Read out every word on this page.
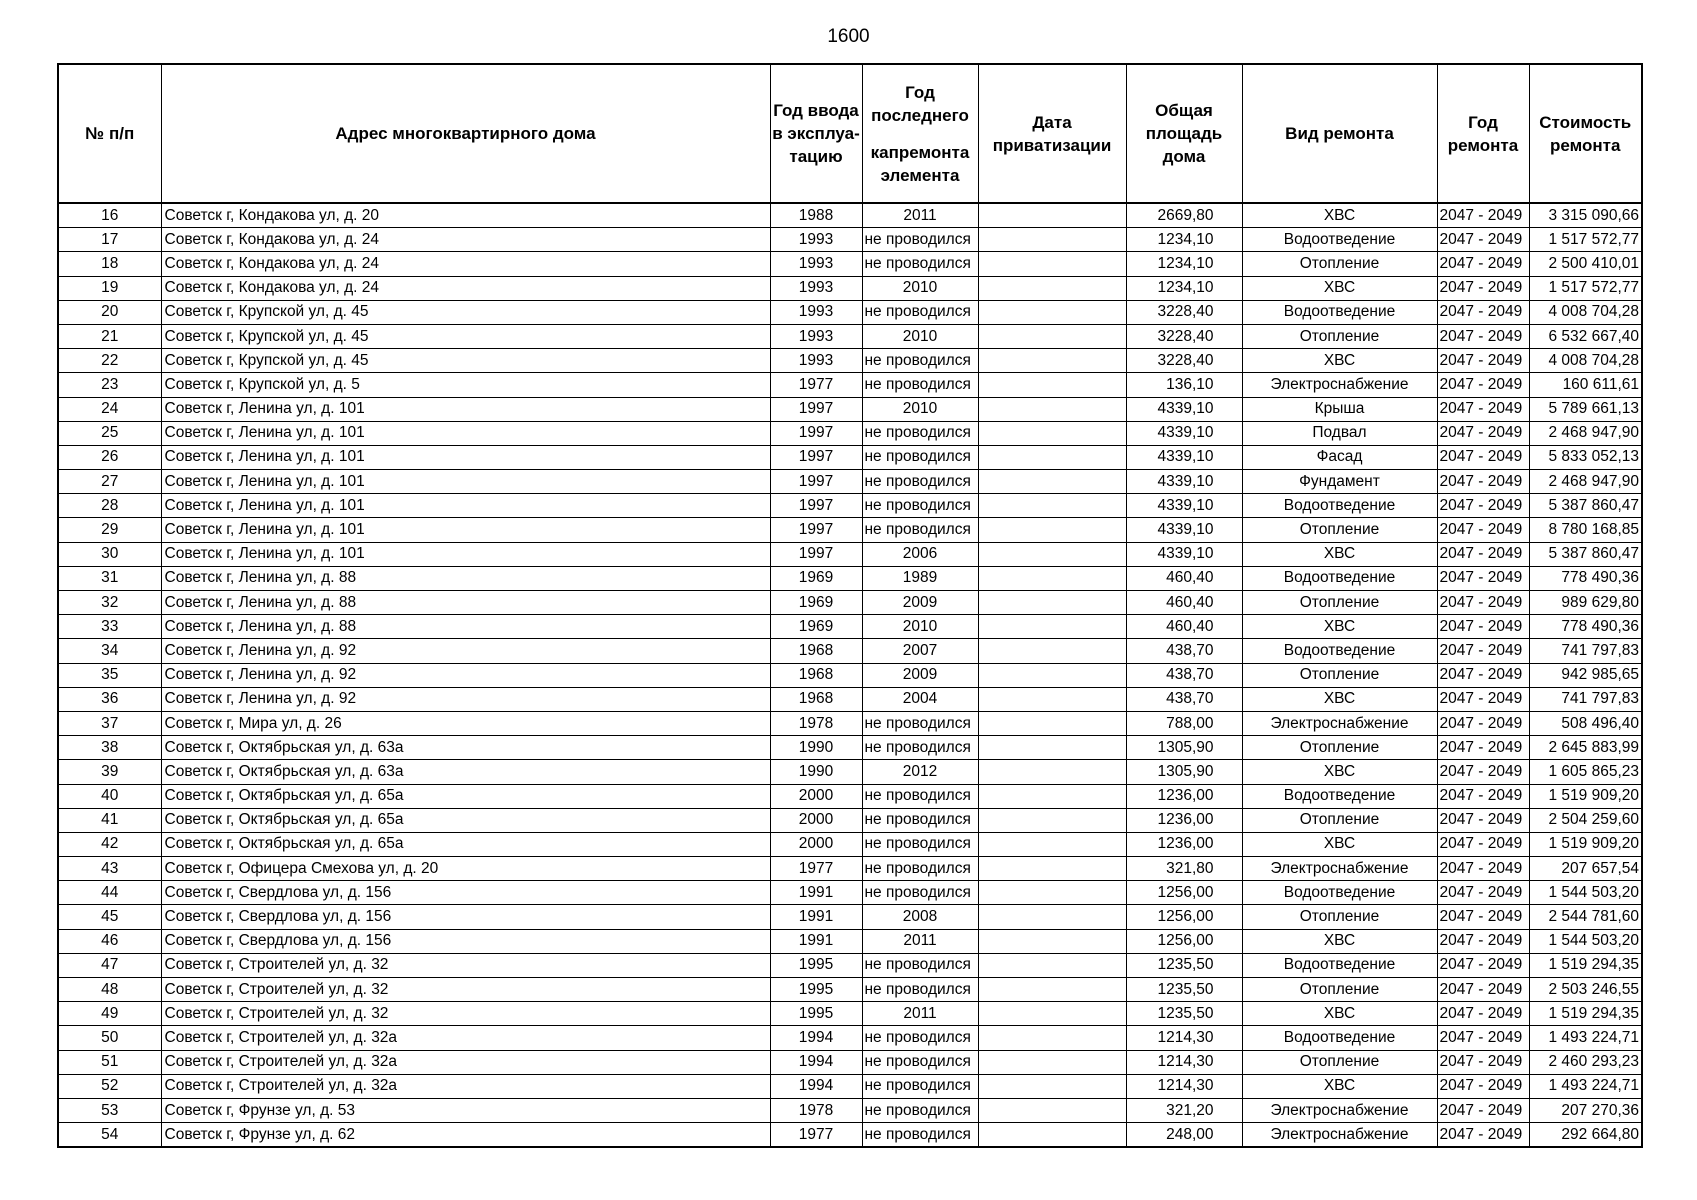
1600
№ п/п	Адрес многоквартирного дома	Год ввода в эксплуа-тацию	Год последнего
капремонта элемента	Дата приватизации	Общая площадь дома	Вид ремонта	Год ремонта	Стоимость ремонта
16	Советск г, Кондакова ул, д. 20	1988	2011		2669,80	ХВС	2047 - 2049	3 315 090,66
17	Советск г, Кондакова ул, д. 24	1993	не проводился		1234,10	Водоотведение	2047 - 2049	1 517 572,77
18	Советск г, Кондакова ул, д. 24	1993	не проводился		1234,10	Отопление	2047 - 2049	2 500 410,01
19	Советск г, Кондакова ул, д. 24	1993	2010		1234,10	ХВС	2047 - 2049	1 517 572,77
20	Советск г, Крупской ул, д. 45	1993	не проводился		3228,40	Водоотведение	2047 - 2049	4 008 704,28
21	Советск г, Крупской ул, д. 45	1993	2010		3228,40	Отопление	2047 - 2049	6 532 667,40
22	Советск г, Крупской ул, д. 45	1993	не проводился		3228,40	ХВС	2047 - 2049	4 008 704,28
23	Советск г, Крупской ул, д. 5	1977	не проводился		136,10	Электроснабжение	2047 - 2049	160 611,61
24	Советск г, Ленина ул, д. 101	1997	2010		4339,10	Крыша	2047 - 2049	5 789 661,13
25	Советск г, Ленина ул, д. 101	1997	не проводился		4339,10	Подвал	2047 - 2049	2 468 947,90
26	Советск г, Ленина ул, д. 101	1997	не проводился		4339,10	Фасад	2047 - 2049	5 833 052,13
27	Советск г, Ленина ул, д. 101	1997	не проводился		4339,10	Фундамент	2047 - 2049	2 468 947,90
28	Советск г, Ленина ул, д. 101	1997	не проводился		4339,10	Водоотведение	2047 - 2049	5 387 860,47
29	Советск г, Ленина ул, д. 101	1997	не проводился		4339,10	Отопление	2047 - 2049	8 780 168,85
30	Советск г, Ленина ул, д. 101	1997	2006		4339,10	ХВС	2047 - 2049	5 387 860,47
31	Советск г, Ленина ул, д. 88	1969	1989		460,40	Водоотведение	2047 - 2049	778 490,36
32	Советск г, Ленина ул, д. 88	1969	2009		460,40	Отопление	2047 - 2049	989 629,80
33	Советск г, Ленина ул, д. 88	1969	2010		460,40	ХВС	2047 - 2049	778 490,36
34	Советск г, Ленина ул, д. 92	1968	2007		438,70	Водоотведение	2047 - 2049	741 797,83
35	Советск г, Ленина ул, д. 92	1968	2009		438,70	Отопление	2047 - 2049	942 985,65
36	Советск г, Ленина ул, д. 92	1968	2004		438,70	ХВС	2047 - 2049	741 797,83
37	Советск г, Мира ул, д. 26	1978	не проводился		788,00	Электроснабжение	2047 - 2049	508 496,40
38	Советск г, Октябрьская ул, д. 63а	1990	не проводился		1305,90	Отопление	2047 - 2049	2 645 883,99
39	Советск г, Октябрьская ул, д. 63а	1990	2012		1305,90	ХВС	2047 - 2049	1 605 865,23
40	Советск г, Октябрьская ул, д. 65а	2000	не проводился		1236,00	Водоотведение	2047 - 2049	1 519 909,20
41	Советск г, Октябрьская ул, д. 65а	2000	не проводился		1236,00	Отопление	2047 - 2049	2 504 259,60
42	Советск г, Октябрьская ул, д. 65а	2000	не проводился		1236,00	ХВС	2047 - 2049	1 519 909,20
43	Советск г, Офицера Смехова ул, д. 20	1977	не проводился		321,80	Электроснабжение	2047 - 2049	207 657,54
44	Советск г, Свердлова ул, д. 156	1991	не проводился		1256,00	Водоотведение	2047 - 2049	1 544 503,20
45	Советск г, Свердлова ул, д. 156	1991	2008		1256,00	Отопление	2047 - 2049	2 544 781,60
46	Советск г, Свердлова ул, д. 156	1991	2011		1256,00	ХВС	2047 - 2049	1 544 503,20
47	Советск г, Строителей ул, д. 32	1995	не проводился		1235,50	Водоотведение	2047 - 2049	1 519 294,35
48	Советск г, Строителей ул, д. 32	1995	не проводился		1235,50	Отопление	2047 - 2049	2 503 246,55
49	Советск г, Строителей ул, д. 32	1995	2011		1235,50	ХВС	2047 - 2049	1 519 294,35
50	Советск г, Строителей ул, д. 32а	1994	не проводился		1214,30	Водоотведение	2047 - 2049	1 493 224,71
51	Советск г, Строителей ул, д. 32а	1994	не проводился		1214,30	Отопление	2047 - 2049	2 460 293,23
52	Советск г, Строителей ул, д. 32а	1994	не проводился		1214,30	ХВС	2047 - 2049	1 493 224,71
53	Советск г, Фрунзе ул, д. 53	1978	не проводился		321,20	Электроснабжение	2047 - 2049	207 270,36
54	Советск г, Фрунзе ул, д. 62	1977	не проводился		248,00	Электроснабжение	2047 - 2049	292 664,80
